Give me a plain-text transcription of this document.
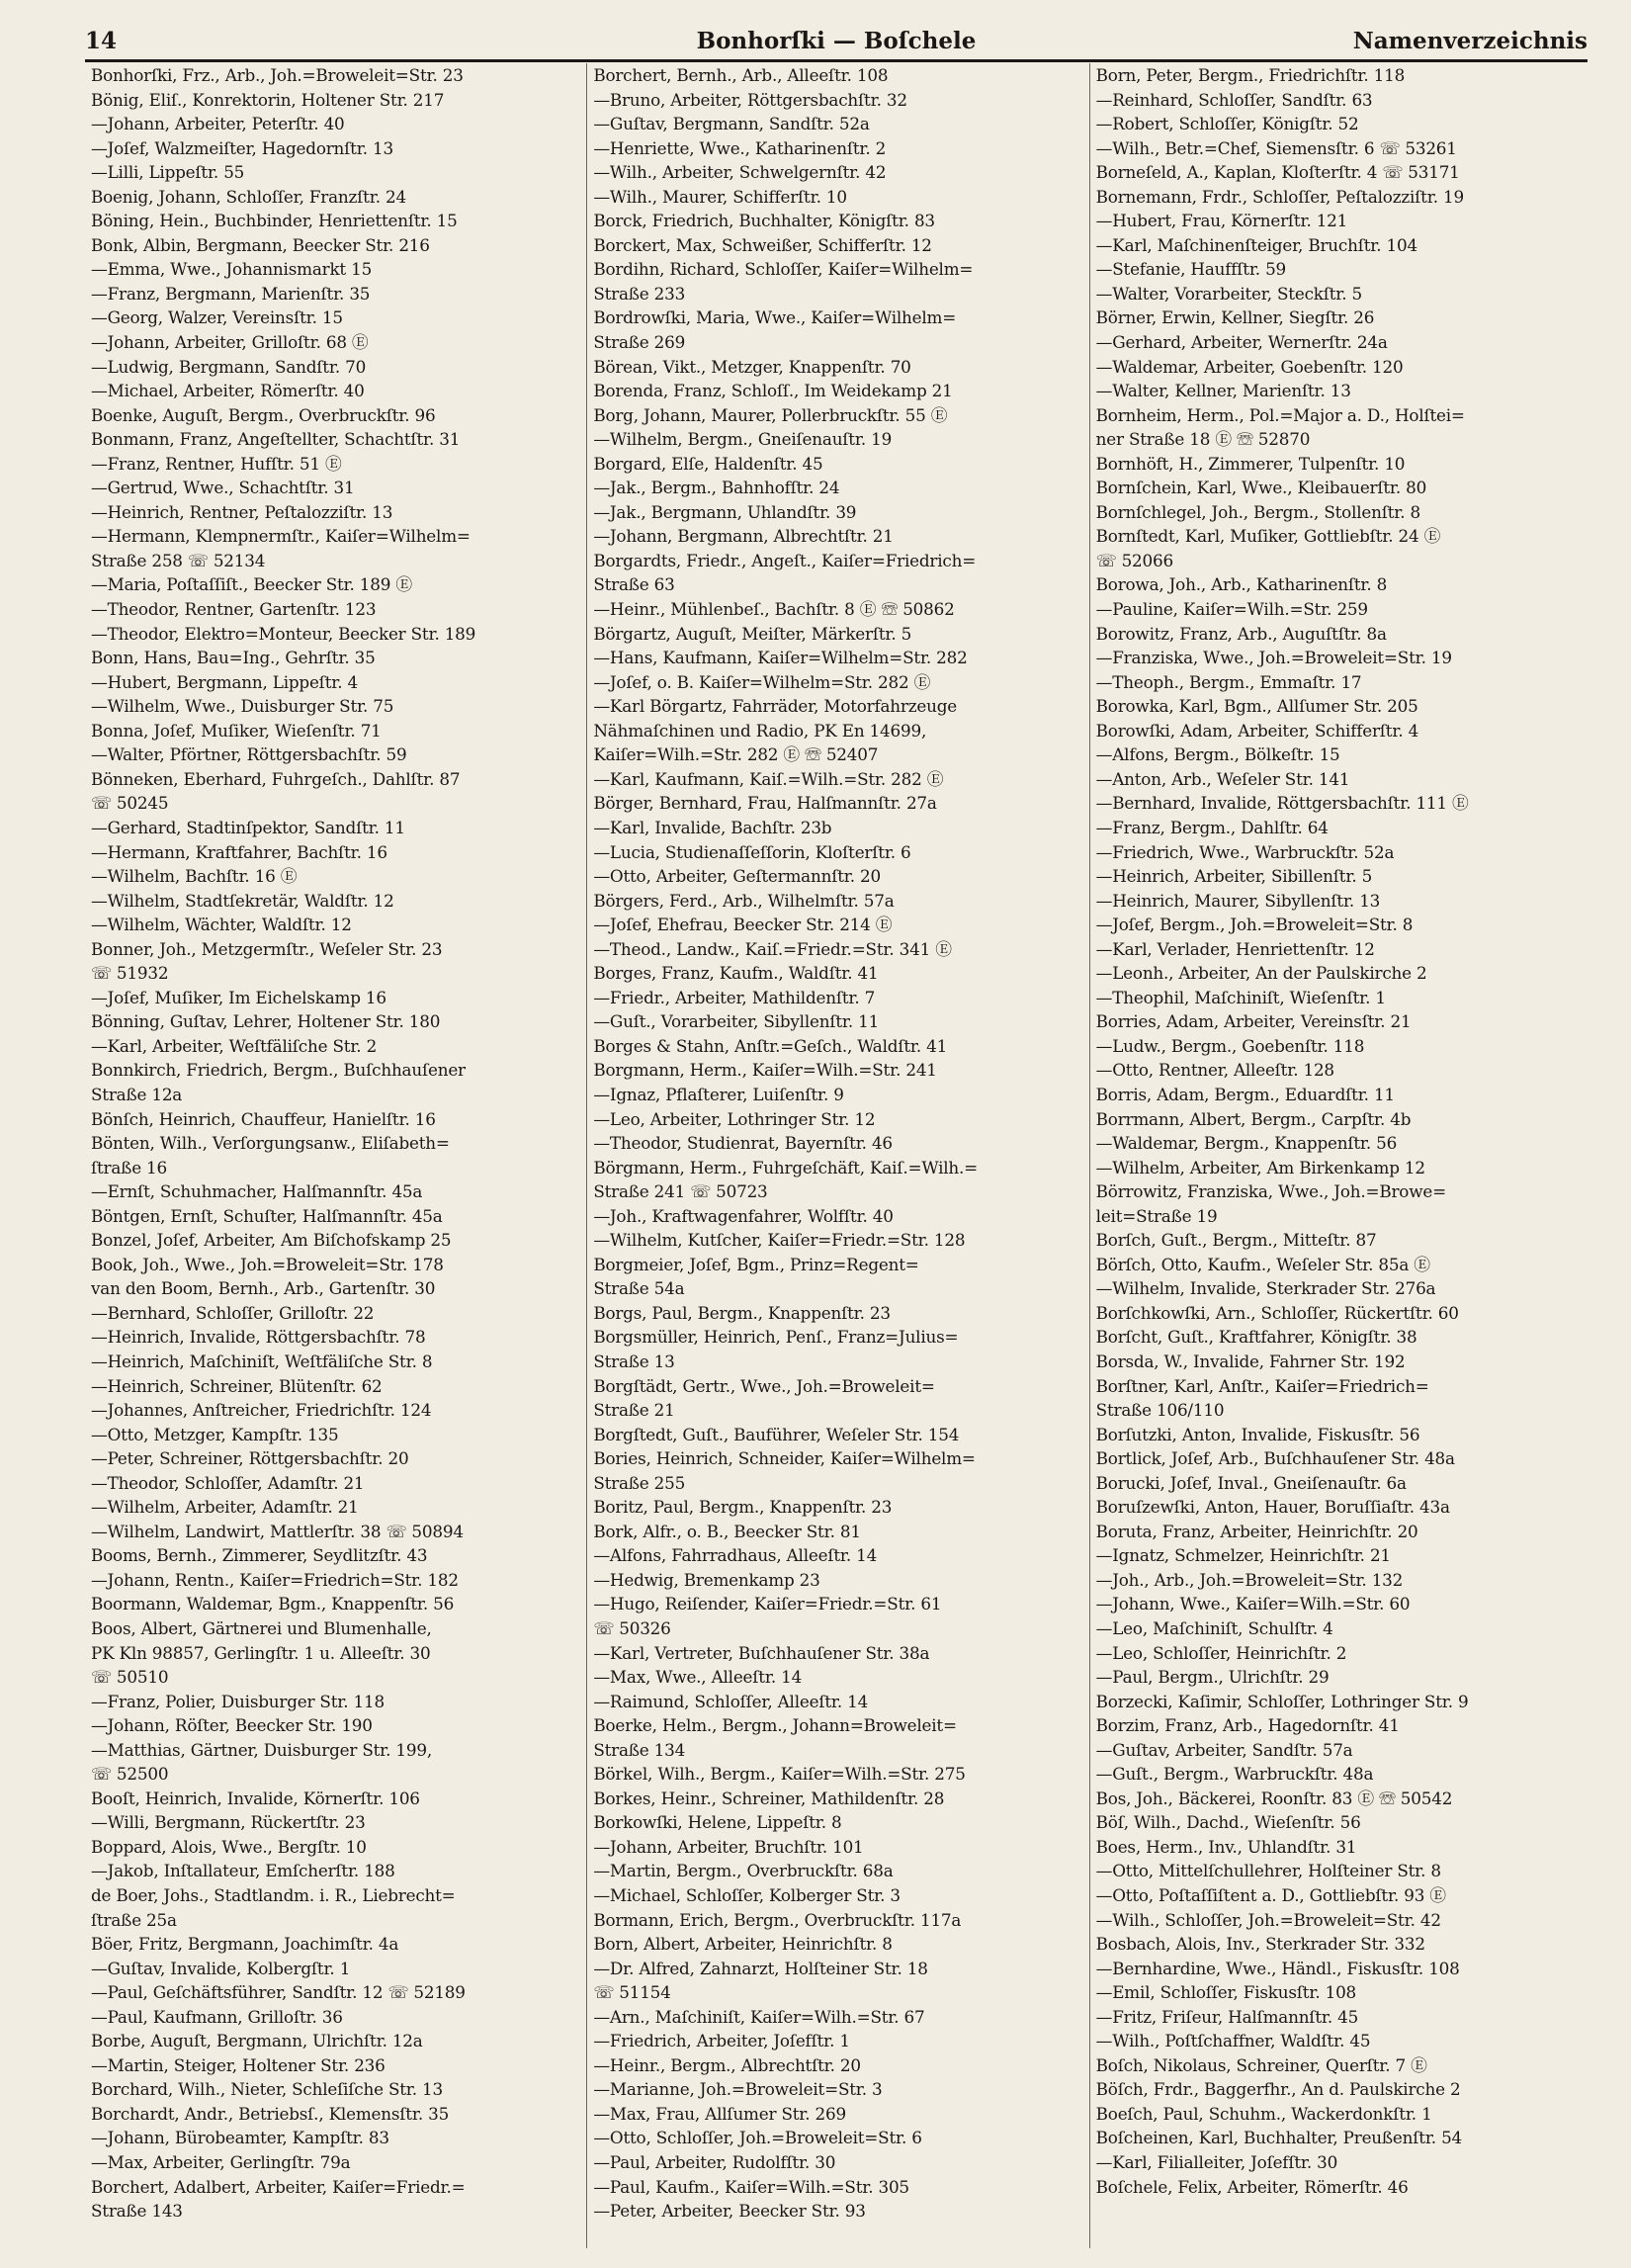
14	Bonhorſki — Boſchele	Namenverzeichnis
Bonhorſki, Frz., Arb., Joh.=Broweleit=Str. 23
Bönig, Eliſ., Konrektorin, Holtener Str. 217
—Johann, Arbeiter, Peterſtr. 40
—Joſef, Walzmeiſter, Hagedornſtr. 13
—Lilli, Lippeſtr. 55
Boenig, Johann, Schloſſer, Franzſtr. 24
Böning, Hein., Buchbinder, Henriettenſtr. 15
Bonk, Albin, Bergmann, Beecker Str. 216
—Emma, Wwe., Johannismarkt 15
—Franz, Bergmann, Marienſtr. 35
—Georg, Walzer, Vereinsſtr. 15
—Johann, Arbeiter, Grilloſtr. 68 Ⓔ
—Ludwig, Bergmann, Sandſtr. 70
—Michael, Arbeiter, Römerſtr. 40
Boenke, Auguſt, Bergm., Overbruckſtr. 96
Bonmann, Franz, Angeſtellter, Schachtſtr. 31
—Franz, Rentner, Hufſtr. 51 Ⓔ
—Gertrud, Wwe., Schachtſtr. 31
—Heinrich, Rentner, Peſtalozziſtr. 13
—Hermann, Klempnermſtr., Kaiſer=Wilhelm=
Straße 258 ☏ 52134
—Maria, Poſtaſſiſt., Beecker Str. 189 Ⓔ
—Theodor, Rentner, Gartenſtr. 123
—Theodor, Elektro=Monteur, Beecker Str. 189
Bonn, Hans, Bau=Ing., Gehrſtr. 35
—Hubert, Bergmann, Lippeſtr. 4
—Wilhelm, Wwe., Duisburger Str. 75
Bonna, Joſef, Muſiker, Wieſenſtr. 71
—Walter, Pförtner, Röttgersbachſtr. 59
Bönneken, Eberhard, Fuhrgeſch., Dahlſtr. 87
☏ 50245
—Gerhard, Stadtinſpektor, Sandſtr. 11
—Hermann, Kraftfahrer, Bachſtr. 16
—Wilhelm, Bachſtr. 16 Ⓔ
—Wilhelm, Stadtſekretär, Waldſtr. 12
—Wilhelm, Wächter, Waldſtr. 12
Bonner, Joh., Metzgermſtr., Weſeler Str. 23
☏ 51932
—Joſef, Muſiker, Im Eichelskamp 16
Bönning, Guſtav, Lehrer, Holtener Str. 180
—Karl, Arbeiter, Weſtfäliſche Str. 2
Bonnkirch, Friedrich, Bergm., Buſchhauſener
Straße 12a
Bönſch, Heinrich, Chauffeur, Hanielſtr. 16
Bönten, Wilh., Verſorgungsanw., Eliſabeth=
ſtraße 16
—Ernſt, Schuhmacher, Halſmannſtr. 45a
Böntgen, Ernſt, Schuſter, Halſmannſtr. 45a
Bonzel, Joſef, Arbeiter, Am Biſchofskamp 25
Book, Joh., Wwe., Joh.=Broweleit=Str. 178
van den Boom, Bernh., Arb., Gartenſtr. 30
—Bernhard, Schloſſer, Grilloſtr. 22
—Heinrich, Invalide, Röttgersbachſtr. 78
—Heinrich, Maſchiniſt, Weſtfäliſche Str. 8
—Heinrich, Schreiner, Blütenſtr. 62
—Johannes, Anſtreicher, Friedrichſtr. 124
—Otto, Metzger, Kampſtr. 135
—Peter, Schreiner, Röttgersbachſtr. 20
—Theodor, Schloſſer, Adamſtr. 21
—Wilhelm, Arbeiter, Adamſtr. 21
—Wilhelm, Landwirt, Mattlerſtr. 38 ☏ 50894
Booms, Bernh., Zimmerer, Seydlitzſtr. 43
—Johann, Rentn., Kaiſer=Friedrich=Str. 182
Boormann, Waldemar, Bgm., Knappenſtr. 56
Boos, Albert, Gärtnerei und Blumenhalle,
PK Kln 98857, Gerlingſtr. 1 u. Alleeſtr. 30
☏ 50510
—Franz, Polier, Duisburger Str. 118
—Johann, Röſter, Beecker Str. 190
—Matthias, Gärtner, Duisburger Str. 199,
☏ 52500
Booſt, Heinrich, Invalide, Körnerſtr. 106
—Willi, Bergmann, Rückertſtr. 23
Boppard, Alois, Wwe., Bergſtr. 10
—Jakob, Inſtallateur, Emſcherſtr. 188
de Boer, Johs., Stadtlandm. i. R., Liebrecht=
ſtraße 25a
Böer, Fritz, Bergmann, Joachimſtr. 4a
—Guſtav, Invalide, Kolbergſtr. 1
—Paul, Geſchäftsführer, Sandſtr. 12 ☏ 52189
—Paul, Kaufmann, Grilloſtr. 36
Borbe, Auguſt, Bergmann, Ulrichſtr. 12a
—Martin, Steiger, Holtener Str. 236
Borchard, Wilh., Nieter, Schleſiſche Str. 13
Borchardt, Andr., Betriebsſ., Klemensſtr. 35
—Johann, Bürobeamter, Kampſtr. 83
—Max, Arbeiter, Gerlingſtr. 79a
Borchert, Adalbert, Arbeiter, Kaiſer=Friedr.=
Straße 143
Borchert, Bernh., Arb., Alleeſtr. 108
—Bruno, Arbeiter, Röttgersbachſtr. 32
—Guſtav, Bergmann, Sandſtr. 52a
—Henriette, Wwe., Katharinenſtr. 2
—Wilh., Arbeiter, Schwelgernſtr. 42
—Wilh., Maurer, Schifferſtr. 10
Borck, Friedrich, Buchhalter, Königſtr. 83
Borckert, Max, Schweißer, Schifferſtr. 12
Bordihn, Richard, Schloſſer, Kaiſer=Wilhelm=
Straße 233
Bordrowſki, Maria, Wwe., Kaiſer=Wilhelm=
Straße 269
Börean, Vikt., Metzger, Knappenſtr. 70
Borenda, Franz, Schloſſ., Im Weidekamp 21
Borg, Johann, Maurer, Pollerbruckſtr. 55 Ⓔ
—Wilhelm, Bergm., Gneiſenauſtr. 19
Borgard, Elſe, Haldenſtr. 45
—Jak., Bergm., Bahnhofſtr. 24
—Jak., Bergmann, Uhlandſtr. 39
—Johann, Bergmann, Albrechtſtr. 21
Borgardts, Friedr., Angeſt., Kaiſer=Friedrich=
Straße 63
—Heinr., Mühlenbeſ., Bachſtr. 8 Ⓔ ☏ 50862
Börgartz, Auguſt, Meiſter, Märkerſtr. 5
—Hans, Kaufmann, Kaiſer=Wilhelm=Str. 282
—Joſef, o. B. Kaiſer=Wilhelm=Str. 282 Ⓔ
—Karl Börgartz, Fahrräder, Motorfahrzeuge
Nähmaſchinen und Radio, PK En 14699,
Kaiſer=Wilh.=Str. 282 Ⓔ ☏ 52407
—Karl, Kaufmann, Kaiſ.=Wilh.=Str. 282 Ⓔ
Börger, Bernhard, Frau, Halſmannſtr. 27a
—Karl, Invalide, Bachſtr. 23b
—Lucia, Studienaſſeſſorin, Kloſterſtr. 6
—Otto, Arbeiter, Geſtermannſtr. 20
Börgers, Ferd., Arb., Wilhelmſtr. 57a
—Joſef, Ehefrau, Beecker Str. 214 Ⓔ
—Theod., Landw., Kaiſ.=Friedr.=Str. 341 Ⓔ
Borges, Franz, Kaufm., Waldſtr. 41
—Friedr., Arbeiter, Mathildenſtr. 7
—Guſt., Vorarbeiter, Sibyllenſtr. 11
Borges & Stahn, Anſtr.=Geſch., Waldſtr. 41
Borgmann, Herm., Kaiſer=Wilh.=Str. 241
—Ignaz, Pflaſterer, Luiſenſtr. 9
—Leo, Arbeiter, Lothringer Str. 12
—Theodor, Studienrat, Bayernſtr. 46
Börgmann, Herm., Fuhrgeſchäft, Kaiſ.=Wilh.=
Straße 241 ☏ 50723
—Joh., Kraftwagenfahrer, Wolfſtr. 40
—Wilhelm, Kutſcher, Kaiſer=Friedr.=Str. 128
Borgmeier, Joſef, Bgm., Prinz=Regent=
Straße 54a
Borgs, Paul, Bergm., Knappenſtr. 23
Borgsmüller, Heinrich, Penſ., Franz=Julius=
Straße 13
Borgſtädt, Gertr., Wwe., Joh.=Broweleit=
Straße 21
Borgſtedt, Guſt., Bauführer, Weſeler Str. 154
Bories, Heinrich, Schneider, Kaiſer=Wilhelm=
Straße 255
Boritz, Paul, Bergm., Knappenſtr. 23
Bork, Alfr., o. B., Beecker Str. 81
—Alfons, Fahrradhaus, Alleeſtr. 14
—Hedwig, Bremenkamp 23
—Hugo, Reiſender, Kaiſer=Friedr.=Str. 61
☏ 50326
—Karl, Vertreter, Buſchhauſener Str. 38a
—Max, Wwe., Alleeſtr. 14
—Raimund, Schloſſer, Alleeſtr. 14
Boerke, Helm., Bergm., Johann=Broweleit=
Straße 134
Börkel, Wilh., Bergm., Kaiſer=Wilh.=Str. 275
Borkes, Heinr., Schreiner, Mathildenſtr. 28
Borkowſki, Helene, Lippeſtr. 8
—Johann, Arbeiter, Bruchſtr. 101
—Martin, Bergm., Overbruckſtr. 68a
—Michael, Schloſſer, Kolberger Str. 3
Bormann, Erich, Bergm., Overbruckſtr. 117a
Born, Albert, Arbeiter, Heinrichſtr. 8
—Dr. Alfred, Zahnarzt, Holſteiner Str. 18
☏ 51154
—Arn., Maſchiniſt, Kaiſer=Wilh.=Str. 67
—Friedrich, Arbeiter, Joſefſtr. 1
—Heinr., Bergm., Albrechtſtr. 20
—Marianne, Joh.=Broweleit=Str. 3
—Max, Frau, Allſumer Str. 269
—Otto, Schloſſer, Joh.=Broweleit=Str. 6
—Paul, Arbeiter, Rudolfſtr. 30
—Paul, Kaufm., Kaiſer=Wilh.=Str. 305
—Peter, Arbeiter, Beecker Str. 93
Born, Peter, Bergm., Friedrichſtr. 118
—Reinhard, Schloſſer, Sandſtr. 63
—Robert, Schloſſer, Königſtr. 52
—Wilh., Betr.=Chef, Siemensſtr. 6 ☏ 53261
Borneſeld, A., Kaplan, Kloſterſtr. 4 ☏ 53171
Bornemann, Frdr., Schloſſer, Peſtalozziſtr. 19
—Hubert, Frau, Körnerſtr. 121
—Karl, Maſchinenſteiger, Bruchſtr. 104
—Stefanie, Hauffſtr. 59
—Walter, Vorarbeiter, Steckſtr. 5
Börner, Erwin, Kellner, Siegſtr. 26
—Gerhard, Arbeiter, Wernerſtr. 24a
—Waldemar, Arbeiter, Goebenſtr. 120
—Walter, Kellner, Marienſtr. 13
Bornheim, Herm., Pol.=Major a. D., Holſtei=
ner Straße 18 Ⓔ ☏ 52870
Bornhöft, H., Zimmerer, Tulpenſtr. 10
Bornſchein, Karl, Wwe., Kleibauerſtr. 80
Bornſchlegel, Joh., Bergm., Stollenſtr. 8
Bornſtedt, Karl, Muſiker, Gottliebſtr. 24 Ⓔ
☏ 52066
Borowa, Joh., Arb., Katharinenſtr. 8
—Pauline, Kaiſer=Wilh.=Str. 259
Borowitz, Franz, Arb., Auguſtſtr. 8a
—Franziska, Wwe., Joh.=Broweleit=Str. 19
—Theoph., Bergm., Emmaſtr. 17
Borowka, Karl, Bgm., Allſumer Str. 205
Borowſki, Adam, Arbeiter, Schifferſtr. 4
—Alfons, Bergm., Bölkeſtr. 15
—Anton, Arb., Weſeler Str. 141
—Bernhard, Invalide, Röttgersbachſtr. 111 Ⓔ
—Franz, Bergm., Dahlſtr. 64
—Friedrich, Wwe., Warbruckſtr. 52a
—Heinrich, Arbeiter, Sibillenſtr. 5
—Heinrich, Maurer, Sibyllenſtr. 13
—Joſef, Bergm., Joh.=Broweleit=Str. 8
—Karl, Verlader, Henriettenſtr. 12
—Leonh., Arbeiter, An der Paulskirche 2
—Theophil, Maſchiniſt, Wieſenſtr. 1
Borries, Adam, Arbeiter, Vereinsſtr. 21
—Ludw., Bergm., Goebenſtr. 118
—Otto, Rentner, Alleeſtr. 128
Borris, Adam, Bergm., Eduardſtr. 11
Borrmann, Albert, Bergm., Carpſtr. 4b
—Waldemar, Bergm., Knappenſtr. 56
—Wilhelm, Arbeiter, Am Birkenkamp 12
Börrowitz, Franziska, Wwe., Joh.=Browe=
leit=Straße 19
Borſch, Guſt., Bergm., Mitteſtr. 87
Börſch, Otto, Kaufm., Weſeler Str. 85a Ⓔ
—Wilhelm, Invalide, Sterkrader Str. 276a
Borſchkowſki, Arn., Schloſſer, Rückertſtr. 60
Borſcht, Guſt., Kraftfahrer, Königſtr. 38
Borsda, W., Invalide, Fahrner Str. 192
Borſtner, Karl, Anſtr., Kaiſer=Friedrich=
Straße 106/110
Borſutzki, Anton, Invalide, Fiskusſtr. 56
Bortlick, Joſef, Arb., Buſchhauſener Str. 48a
Borucki, Joſef, Inval., Gneiſenauſtr. 6a
Boruſzewſki, Anton, Hauer, Boruſſiaſtr. 43a
Boruta, Franz, Arbeiter, Heinrichſtr. 20
—Ignatz, Schmelzer, Heinrichſtr. 21
—Joh., Arb., Joh.=Broweleit=Str. 132
—Johann, Wwe., Kaiſer=Wilh.=Str. 60
—Leo, Maſchiniſt, Schulſtr. 4
—Leo, Schloſſer, Heinrichſtr. 2
—Paul, Bergm., Ulrichſtr. 29
Borzecki, Kaſimir, Schloſſer, Lothringer Str. 9
Borzim, Franz, Arb., Hagedornſtr. 41
—Guſtav, Arbeiter, Sandſtr. 57a
—Guſt., Bergm., Warbruckſtr. 48a
Bos, Joh., Bäckerei, Roonſtr. 83 Ⓔ ☏ 50542
Böſ, Wilh., Dachd., Wieſenſtr. 56
Boes, Herm., Inv., Uhlandſtr. 31
—Otto, Mittelſchullehrer, Holſteiner Str. 8
—Otto, Poſtaſſiſtent a. D., Gottliebſtr. 93 Ⓔ
—Wilh., Schloſſer, Joh.=Broweleit=Str. 42
Bosbach, Alois, Inv., Sterkrader Str. 332
—Bernhardine, Wwe., Händl., Fiskusſtr. 108
—Emil, Schloſſer, Fiskusſtr. 108
—Fritz, Friſeur, Halſmannſtr. 45
—Wilh., Poſtſchaffner, Waldſtr. 45
Boſch, Nikolaus, Schreiner, Querſtr. 7 Ⓔ
Böſch, Frdr., Baggerfhr., An d. Paulskirche 2
Boeſch, Paul, Schuhm., Wackerdonkſtr. 1
Boſcheinen, Karl, Buchhalter, Preußenſtr. 54
—Karl, Filialleiter, Joſefſtr. 30
Boſchele, Felix, Arbeiter, Römerſtr. 46
